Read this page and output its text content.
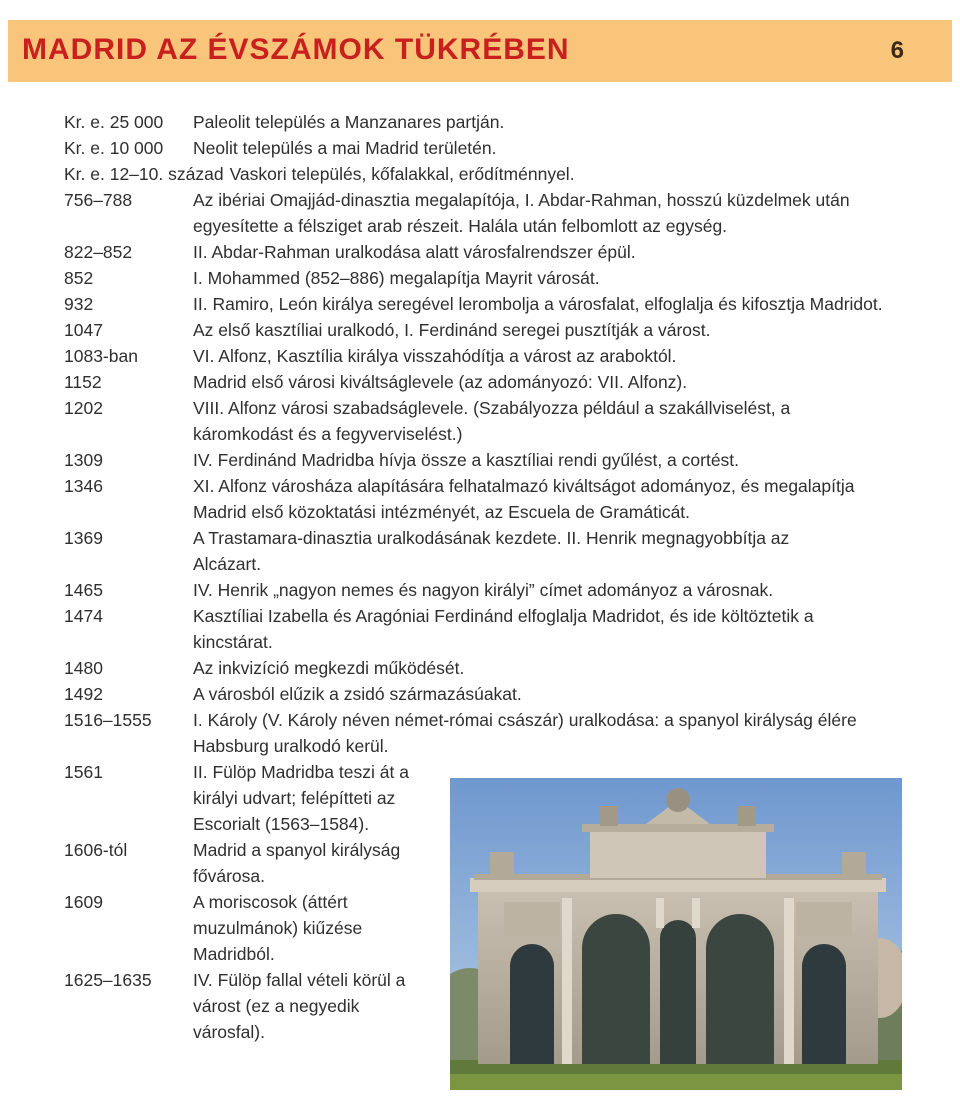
MADRID AZ ÉVSZÁMOK TÜKRÉBEN	6
Kr. e. 25 000	Paleolit település a Manzanares partján.
Kr. e. 10 000	Neolit település a mai Madrid területén.
Kr. e. 12–10. század Vaskori település, kőfalakkal, erődítménnyel.
756–788	Az ibériai Omajjád-dinasztia megalapítója, I. Abdar-Rahman, hosszú küzdelmek után egyesítette a félsziget arab részeit. Halála után felbomlott az egység.
822–852	II. Abdar-Rahman uralkodása alatt városfalrendszer épül.
852	I. Mohammed (852–886) megalapítja Mayrit városát.
932	II. Ramiro, León királya seregével lerombolja a városfalat, elfoglalja és kifosztja Madridot.
1047	Az első kasztíliai uralkodó, I. Ferdinánd seregei pusztítják a várost.
1083-ban	VI. Alfonz, Kasztília királya visszahódítja a várost az araboktól.
1152	Madrid első városi kiváltságlevele (az adományozó: VII. Alfonz).
1202	VIII. Alfonz városi szabadságlevele. (Szabályozza például a szakállviselést, a káromkodást és a fegyverviselést.)
1309	IV. Ferdinánd Madridba hívja össze a kasztíliai rendi gyűlést, a cortést.
1346	XI. Alfonz városháza alapítására felhatalmazó kiváltságot adományoz, és megalapítja Madrid első közoktatási intézményét, az Escuela de Gramáticát.
1369	A Trastamara-dinasztia uralkodásának kezdete. II. Henrik megnagyobbítja az Alcázart.
1465	IV. Henrik „nagyon nemes és nagyon királyi” címet adományoz a városnak.
1474	Kasztíliai Izabella és Aragóniai Ferdinánd elfoglalja Madridot, és ide költöztetik a kincstárat.
1480	Az inkvizíció megkezdi működését.
1492	A városból elűzik a zsidó származásúakat.
1516–1555	I. Károly (V. Károly néven német-római császár) uralkodása: a spanyol királyság élére Habsburg uralkodó kerül.
1561	II. Fülöp Madridba teszi át a királyi udvart; felépítteti az Escorialt (1563–1584).
1606-tól	Madrid a spanyol királyság fővárosa.
1609	A moriscosok (áttért muzulmánok) kiűzése Madridból.
1625–1635	IV. Fülöp fallal vételi körül a várost (ez a negyedik városfal).
